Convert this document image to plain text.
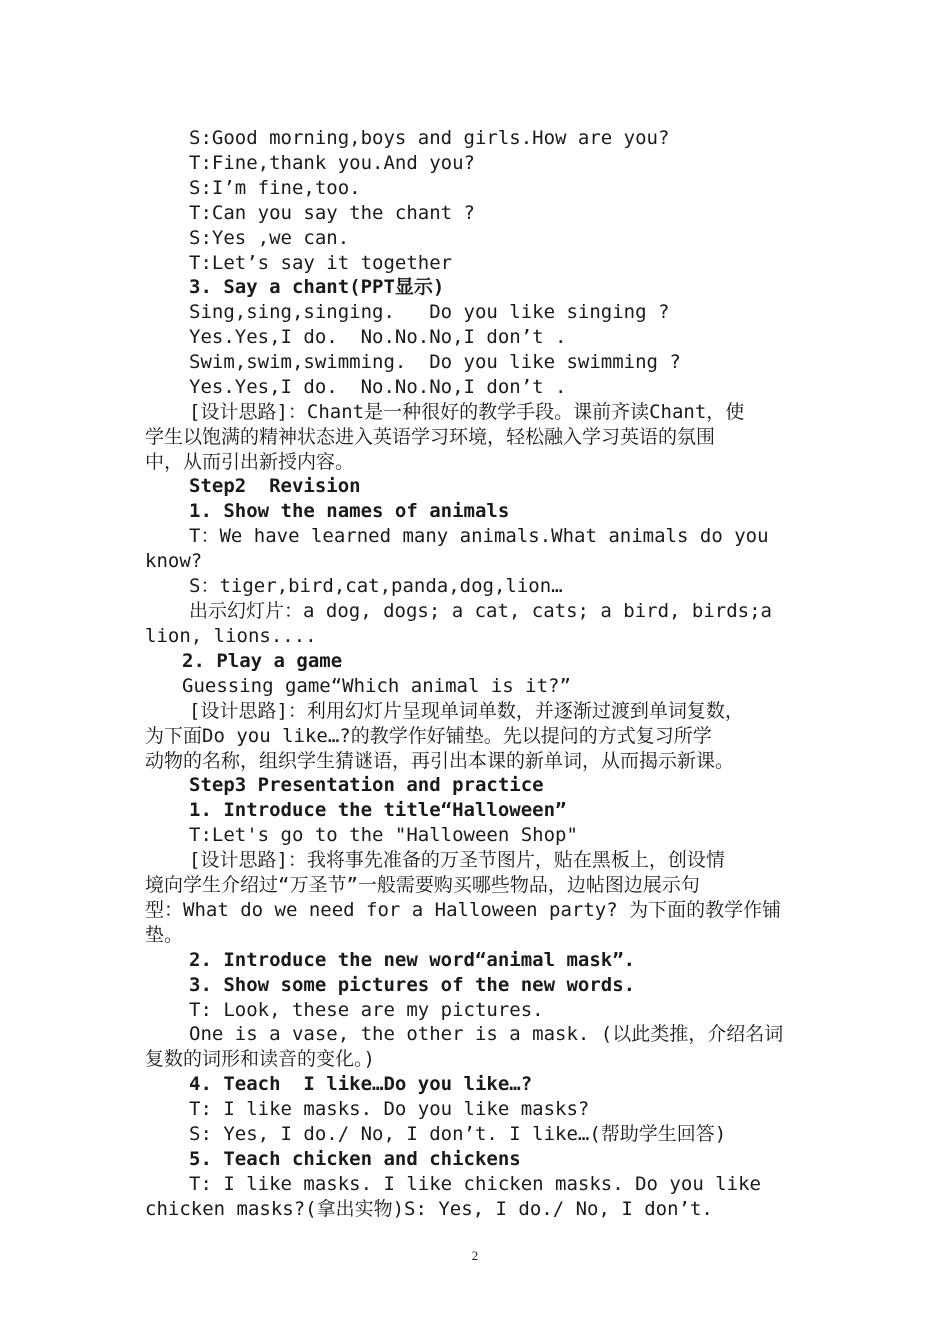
S:Good morning,boys and girls.How are you?
T:Fine,thank you.And you?
S:I’m fine,too.
T:Can you say the chant ?
S:Yes ,we can.
T:Let’s say it together
3. Say a chant(PPT显示)
Sing,sing,singing.   Do you like singing ?
Yes.Yes,I do.  No.No.No,I don’t .
Swim,swim,swimming.  Do you like swimming ?
Yes.Yes,I do.  No.No.No,I don’t .
[设计思路]：Chant是一种很好的教学手段。课前齐读Chant，使
学生以饱满的精神状态进入英语学习环境，轻松融入学习英语的氛围
中，从而引出新授内容。
Step2  Revision
1. Show the names of animals
T：We have learned many animals.What animals do you
know?
S：tiger,bird,cat,panda,dog,lion…
出示幻灯片：a dog, dogs; a cat, cats; a bird, birds;a
lion, lions....
2. Play a game
Guessing game“Which animal is it?”
[设计思路]：利用幻灯片呈现单词单数，并逐渐过渡到单词复数，
为下面Do you like…?的教学作好铺垫。先以提问的方式复习所学
动物的名称，组织学生猜谜语，再引出本课的新单词，从而揭示新课。
Step3 Presentation and practice
1. Introduce the title“Halloween”
T:Let's go to the "Halloween Shop"
[设计思路]：我将事先准备的万圣节图片，贴在黑板上，创设情
境向学生介绍过“万圣节”一般需要购买哪些物品，边帖图边展示句
型：What do we need for a Halloween party? 为下面的教学作铺
垫。
2. Introduce the new word“animal mask”.
3. Show some pictures of the new words.
T: Look, these are my pictures.
One is a vase, the other is a mask. (以此类推，介绍名词
复数的词形和读音的变化。)
4. Teach  I like…Do you like…?
T: I like masks. Do you like masks?
S: Yes, I do./ No, I don’t. I like…(帮助学生回答)
5. Teach chicken and chickens
T: I like masks. I like chicken masks. Do you like
chicken masks?(拿出实物)S: Yes, I do./ No, I don’t.
2
